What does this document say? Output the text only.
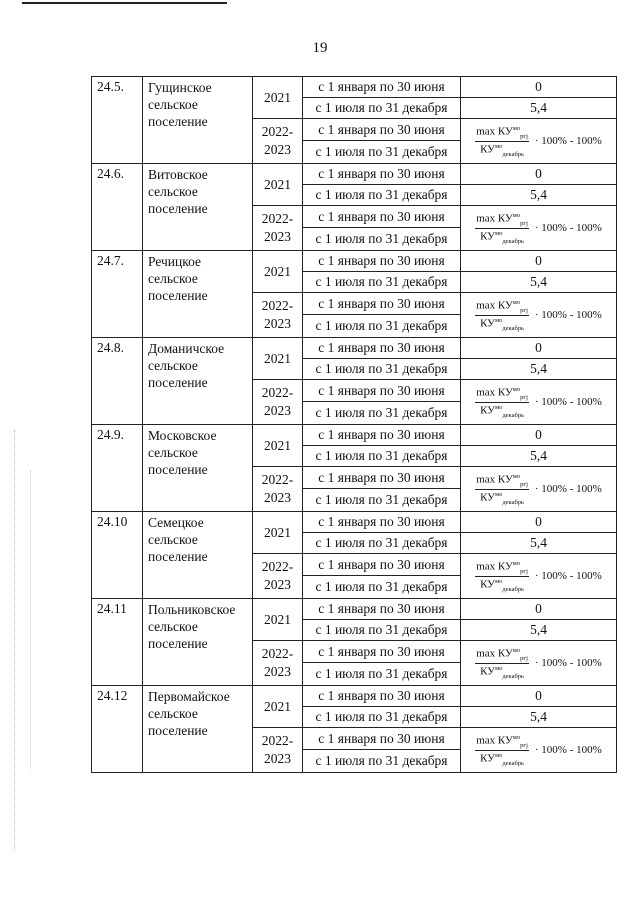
19
24.5.	Гущинское
сельское
поселение	2021	с 1 января по 30 июня	0
			с 1 июля по 31 декабря	5,4
		2022-
2023	с 1 января по 30 июня	$\frac{\max КУ^{мо}_{ргј}}{КУ^{мо}_{декабрь}} \cdot 100\% - 100\%$

			с 1 июля по 31 декабря	
24.6.	Витовское
сельское
поселение	2021	с 1 января по 30 июня	0
			с 1 июля по 31 декабря	5,4
		2022-
2023	с 1 января по 30 июня	$\frac{\max КУ^{мо}_{ргј}}{КУ^{мо}_{декабрь}} \cdot 100\% - 100\%$

			с 1 июля по 31 декабря	
24.7.	Речицкое
сельское
поселение	2021	с 1 января по 30 июня	0
			с 1 июля по 31 декабря	5,4
		2022-
2023	с 1 января по 30 июня	$\frac{\max КУ^{мо}_{ргј}}{КУ^{мо}_{декабрь}} \cdot 100\% - 100\%$

			с 1 июля по 31 декабря	
24.8.	Доманичское
сельское
поселение	2021	с 1 января по 30 июня	0
			с 1 июля по 31 декабря	5,4
		2022-
2023	с 1 января по 30 июня	$\frac{\max КУ^{мо}_{ргј}}{КУ^{мо}_{декабрь}} \cdot 100\% - 100\%$

			с 1 июля по 31 декабря	
24.9.	Московское
сельское
поселение	2021	с 1 января по 30 июня	0
			с 1 июля по 31 декабря	5,4
		2022-
2023	с 1 января по 30 июня	$\frac{\max КУ^{мо}_{ргј}}{КУ^{мо}_{декабрь}} \cdot 100\% - 100\%$

			с 1 июля по 31 декабря	
24.10	Семецкое
сельское
поселение	2021	с 1 января по 30 июня	0
			с 1 июля по 31 декабря	5,4
		2022-
2023	с 1 января по 30 июня	$\frac{\max КУ^{мо}_{ргј}}{КУ^{мо}_{декабрь}} \cdot 100\% - 100\%$

			с 1 июля по 31 декабря	
24.11	Польниковское
сельское
поселение	2021	с 1 января по 30 июня	0
			с 1 июля по 31 декабря	5,4
		2022-
2023	с 1 января по 30 июня	$\frac{\max КУ^{мо}_{ргј}}{КУ^{мо}_{декабрь}} \cdot 100\% - 100\%$

			с 1 июля по 31 декабря	
24.12	Первомайское
сельское
поселение	2021	с 1 января по 30 июня	0
			с 1 июля по 31 декабря	5,4
		2022-
2023	с 1 января по 30 июня	$\frac{\max КУ^{мо}_{ргј}}{КУ^{мо}_{декабрь}} \cdot 100\% - 100\%$

			с 1 июля по 31 декабря	
